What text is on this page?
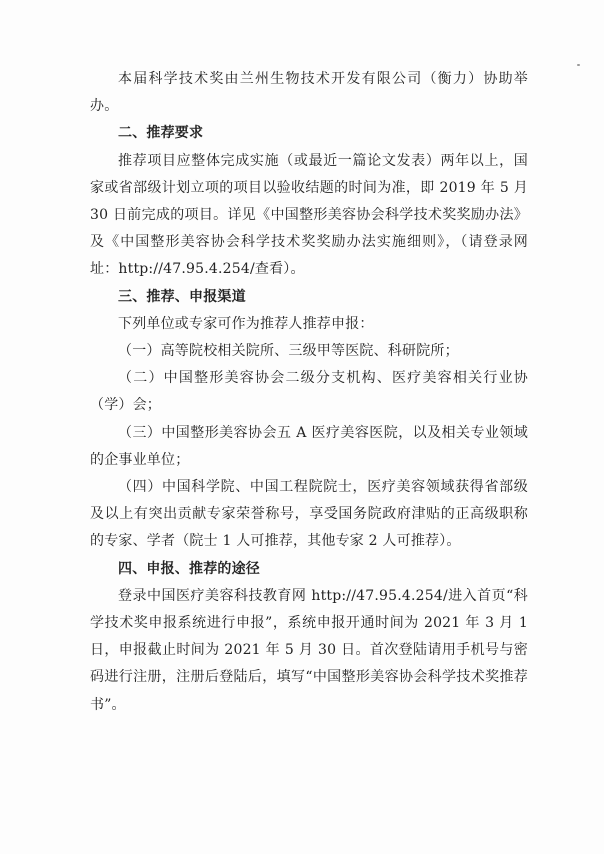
本届科学技术奖由兰州生物技术开发有限公司（衡力）协助举办。

二、推荐要求

推荐项目应整体完成实施（或最近一篇论文发表）两年以上，国家或省部级计划立项的项目以验收结题的时间为准，即 2019 年 5 月 30 日前完成的项目。详见《中国整形美容协会科学技术奖奖励办法》及《中国整形美容协会科学技术奖奖励办法实施细则》，（请登录网址：http://47.95.4.254/查看）。

三、推荐、申报渠道

下列单位或专家可作为推荐人推荐申报：

（一）高等院校相关院所、三级甲等医院、科研院所；

（二）中国整形美容协会二级分支机构、医疗美容相关行业协（学）会；

（三）中国整形美容协会五 A 医疗美容医院，以及相关专业领域的企事业单位；

（四）中国科学院、中国工程院院士，医疗美容领域获得省部级及以上有突出贡献专家荣誉称号，享受国务院政府津贴的正高级职称的专家、学者（院士 1 人可推荐，其他专家 2 人可推荐）。

四、申报、推荐的途径

登录中国医疗美容科技教育网 http://47.95.4.254/进入首页“科学技术奖申报系统进行申报”，系统申报开通时间为 2021 年 3 月 1 日，申报截止时间为 2021 年 5 月 30 日。首次登陆请用手机号与密码进行注册，注册后登陆后，填写“中国整形美容协会科学技术奖推荐书”。
